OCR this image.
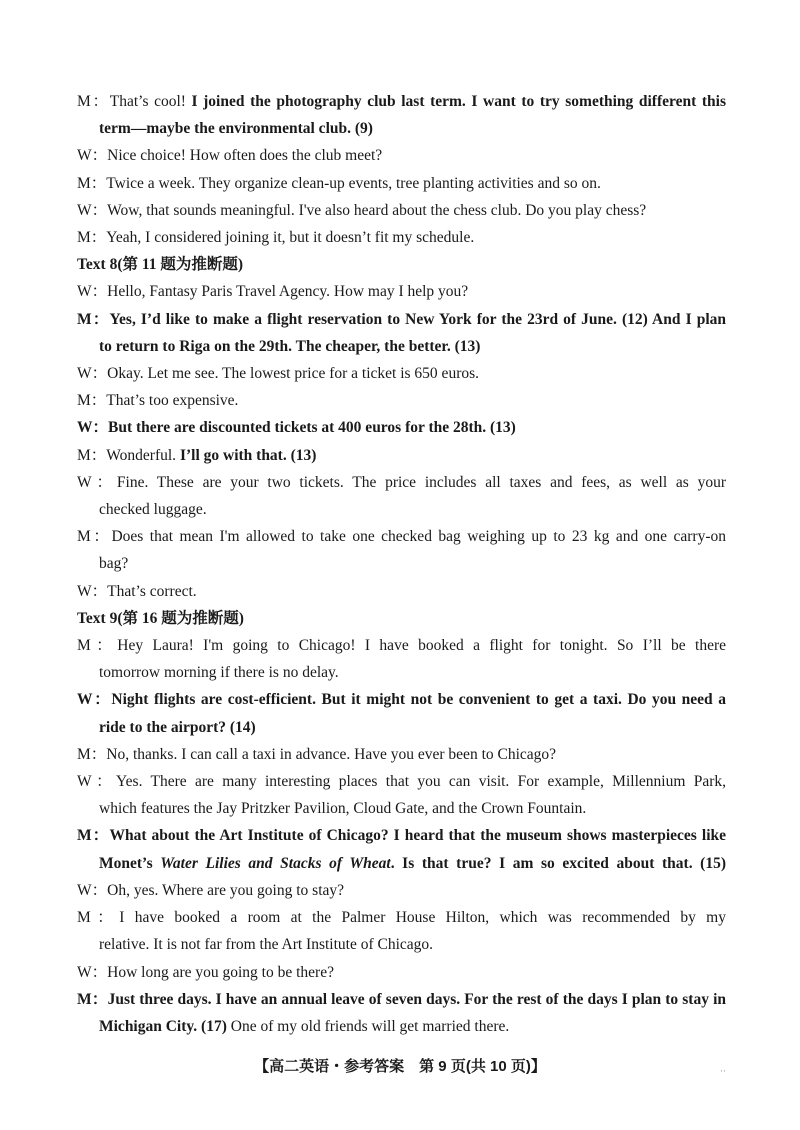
M：That’s cool! I joined the photography club last term. I want to try something different this
term—maybe the environmental club. (9)
W：Nice choice! How often does the club meet?
M：Twice a week. They organize clean-up events, tree planting activities and so on.
W：Wow, that sounds meaningful. I've also heard about the chess club. Do you play chess?
M：Yeah, I considered joining it, but it doesn’t fit my schedule.
Text 8(第 11 题为推断题)
W：Hello, Fantasy Paris Travel Agency. How may I help you?
M：Yes, I’d like to make a flight reservation to New York for the 23rd of June. (12) And I plan
to return to Riga on the 29th. The cheaper, the better. (13)
W：Okay. Let me see. The lowest price for a ticket is 650 euros.
M：That’s too expensive.
W：But there are discounted tickets at 400 euros for the 28th. (13)
M：Wonderful. I’ll go with that. (13)
W：Fine. These are your two tickets. The price includes all taxes and fees, as well as your
checked luggage.
M：Does that mean I'm allowed to take one checked bag weighing up to 23 kg and one carry-on
bag?
W：That’s correct.
Text 9(第 16 题为推断题)
M：Hey Laura! I'm going to Chicago! I have booked a flight for tonight. So I’ll be there
tomorrow morning if there is no delay.
W：Night flights are cost-efficient. But it might not be convenient to get a taxi. Do you need a
ride to the airport? (14)
M：No, thanks. I can call a taxi in advance. Have you ever been to Chicago?
W：Yes. There are many interesting places that you can visit. For example, Millennium Park,
which features the Jay Pritzker Pavilion, Cloud Gate, and the Crown Fountain.
M：What about the Art Institute of Chicago? I heard that the museum shows masterpieces like
Monet’s Water Lilies and Stacks of Wheat. Is that true? I am so excited about that. (15)
W：Oh, yes. Where are you going to stay?
M：I have booked a room at the Palmer House Hilton, which was recommended by my
relative. It is not far from the Art Institute of Chicago.
W：How long are you going to be there?
M：Just three days. I have an annual leave of seven days. For the rest of the days I plan to stay in
Michigan City. (17) One of my old friends will get married there.
【高二英语・参考答案　第 9 页(共 10 页)】	··
